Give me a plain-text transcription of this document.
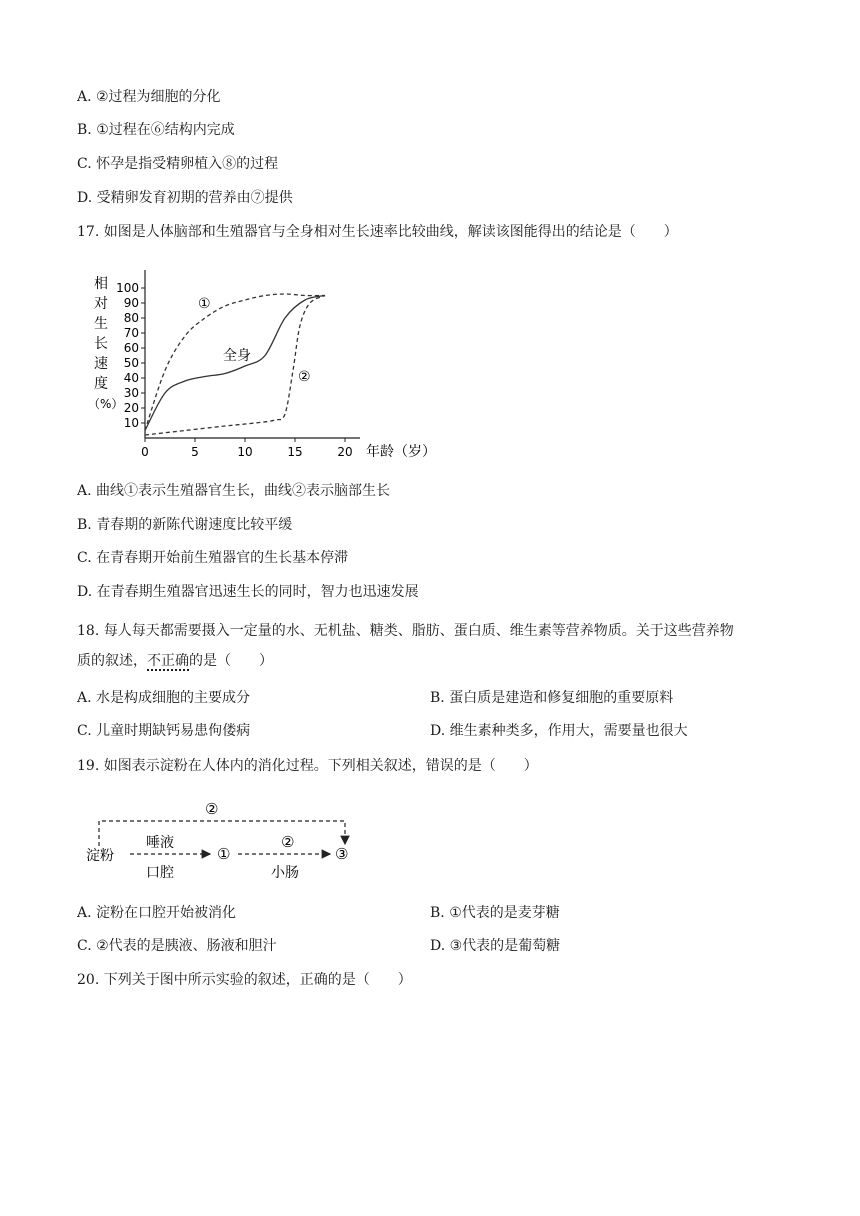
A. ②过程为细胞的分化
B. ①过程在⑥结构内完成
C. 怀孕是指受精卵植入⑧的过程
D. 受精卵发育初期的营养由⑦提供
17. 如图是人体脑部和生殖器官与全身相对生长速率比较曲线，解读该图能得出的结论是（　　）
相
对
生
长
速
度
（%）
10
20
30
40
50
60
70
80
90
100
0	5	10	15	20
①
全身
②
年龄（岁）
A. 曲线①表示生殖器官生长，曲线②表示脑部生长
B. 青春期的新陈代谢速度比较平缓
C. 在青春期开始前生殖器官的生长基本停滞
D. 在青春期生殖器官迅速生长的同时，智力也迅速发展
18. 每人每天都需要摄入一定量的水、无机盐、糖类、脂肪、蛋白质、维生素等营养物质。关于这些营养物
质的叙述，不正确的是（　　）
A. 水是构成细胞的主要成分	B. 蛋白质是建造和修复细胞的重要原料
C. 儿童时期缺钙易患佝偻病	D. 维生素种类多，作用大，需要量也很大
19. 如图表示淀粉在人体内的消化过程。下列相关叙述，错误的是（　　）
②
淀粉
唾液
口腔
①
②
小肠
③
A. 淀粉在口腔开始被消化	B. ①代表的是麦芽糖
C. ②代表的是胰液、肠液和胆汁	D. ③代表的是葡萄糖
20. 下列关于图中所示实验的叙述，正确的是（　　）
